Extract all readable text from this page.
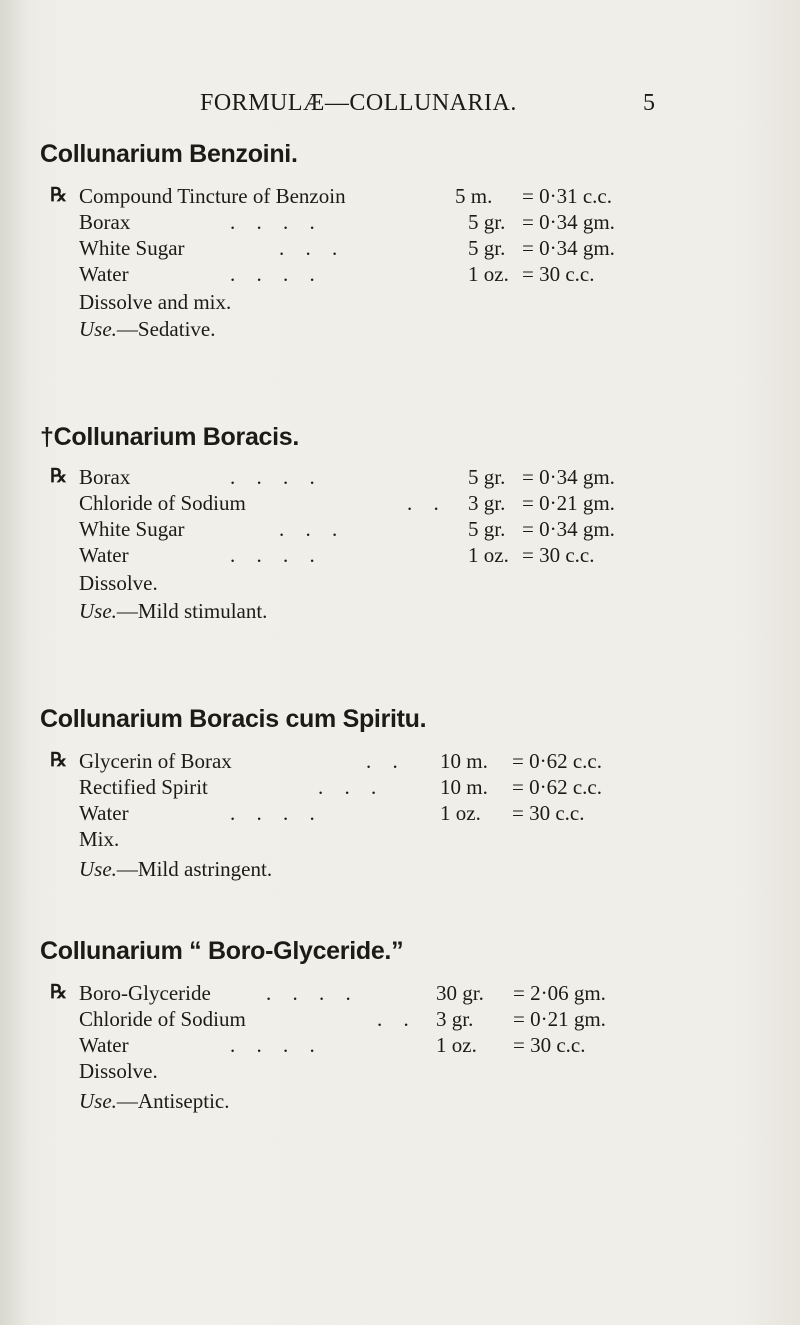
FORMULÆ—COLLUNARIA.	5
Collunarium Benzoini.
℞ Compound Tincture of Benzoin	5 m. = 0·31 c.c.
Borax	. . . .	5 gr. = 0·34 gm.
White Sugar	. . .	5 gr. = 0·34 gm.
Water	. . . .	1 oz. = 30 c.c.
Dissolve and mix.
Use.—Sedative.
†Collunarium Boracis.
℞ Borax	. . . .	5 gr. = 0·34 gm.
Chloride of Sodium	. . 3 gr. = 0·21 gm.
White Sugar	. . .	5 gr. = 0·34 gm.
Water	. . . .	1 oz. = 30 c.c.
Dissolve.
Use.—Mild stimulant.
Collunarium Boracis cum Spiritu.
℞ Glycerin of Borax	. . 10 m. = 0·62 c.c.
Rectified Spirit	. . .	10 m. = 0·62 c.c.
Water	. . . .	1 oz. = 30 c.c.
Mix.
Use.—Mild astringent.
Collunarium “ Boro-Glyceride.”
℞ Boro-Glyceride	. . . .	30 gr. = 2·06 gm.
Chloride of Sodium	. . 3 gr. = 0·21 gm.
Water	. . . .	1 oz. = 30 c.c.
Dissolve.
Use.—Antiseptic.
